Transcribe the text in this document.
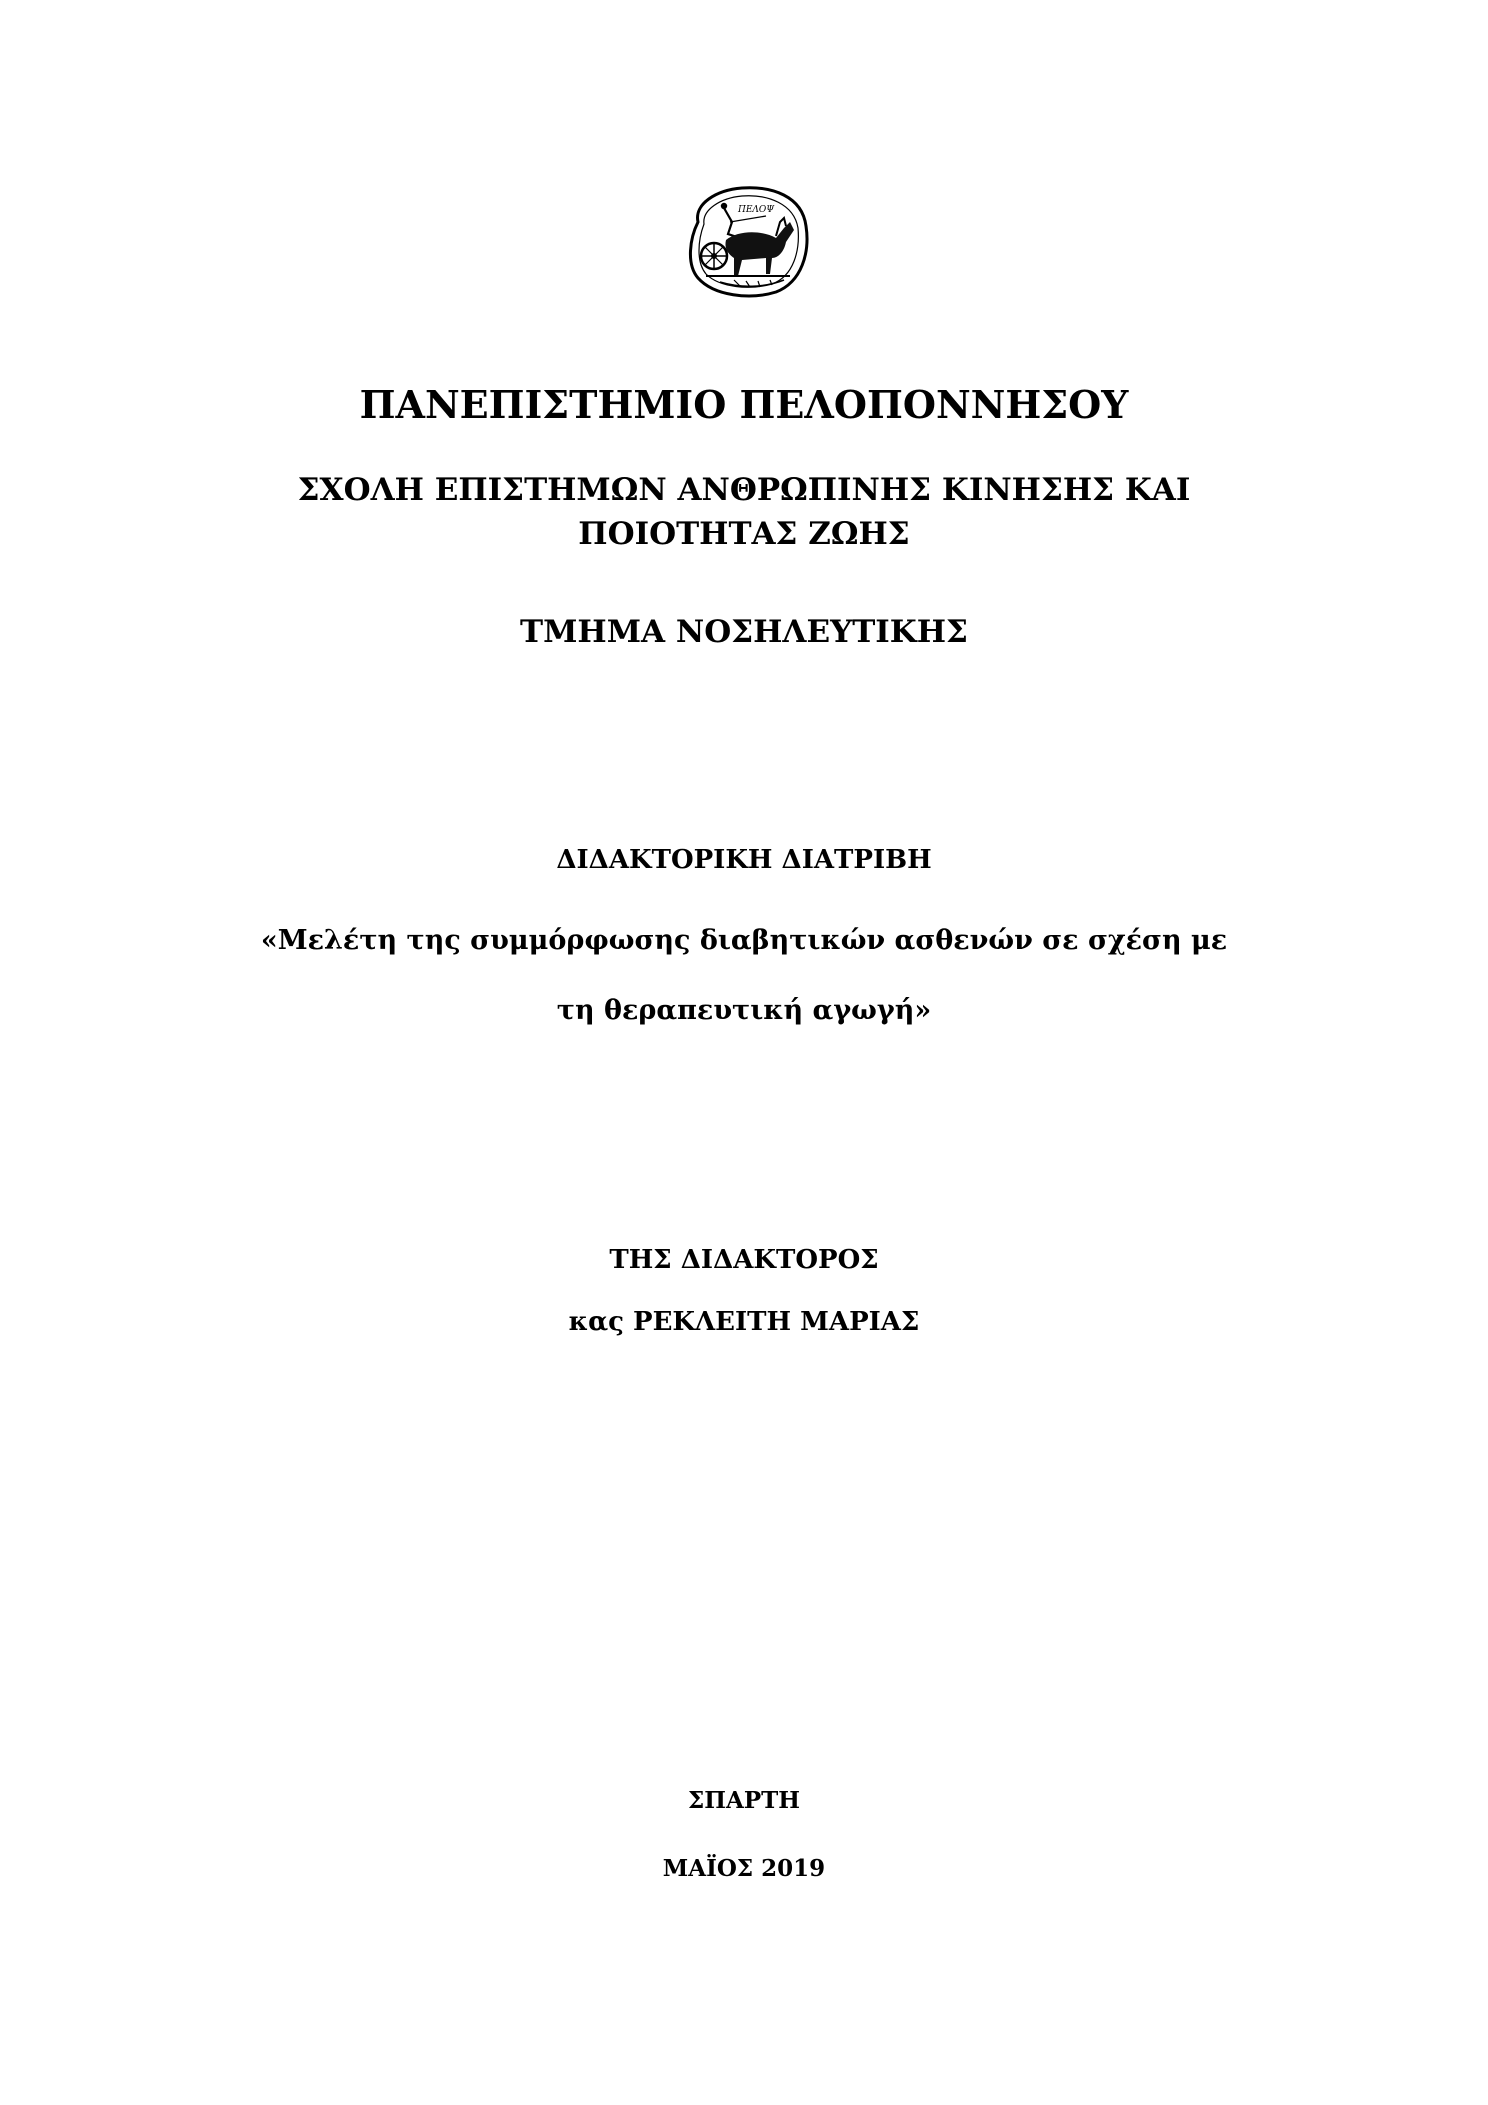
ΠΕΛΟΨ
ΠΑΝΕΠΙΣΤΗΜΙΟ ΠΕΛΟΠΟΝΝΗΣΟΥ
ΣΧΟΛΗ ΕΠΙΣΤΗΜΩΝ ΑΝΘΡΩΠΙΝΗΣ ΚΙΝΗΣΗΣ ΚΑΙ
ΠΟΙΟΤΗΤΑΣ ΖΩΗΣ
ΤΜΗΜΑ ΝΟΣΗΛΕΥΤΙΚΗΣ
ΔΙΔΑΚΤΟΡΙΚΗ ΔΙΑΤΡΙΒΗ
«Μελέτη της συμμόρφωσης διαβητικών ασθενών σε σχέση με
τη θεραπευτική αγωγή»
ΤΗΣ ΔΙΔΑΚΤΟΡΟΣ
κας ΡΕΚΛΕΙΤΗ ΜΑΡΙΑΣ
ΣΠΑΡΤΗ
ΜΑΪΟΣ 2019
